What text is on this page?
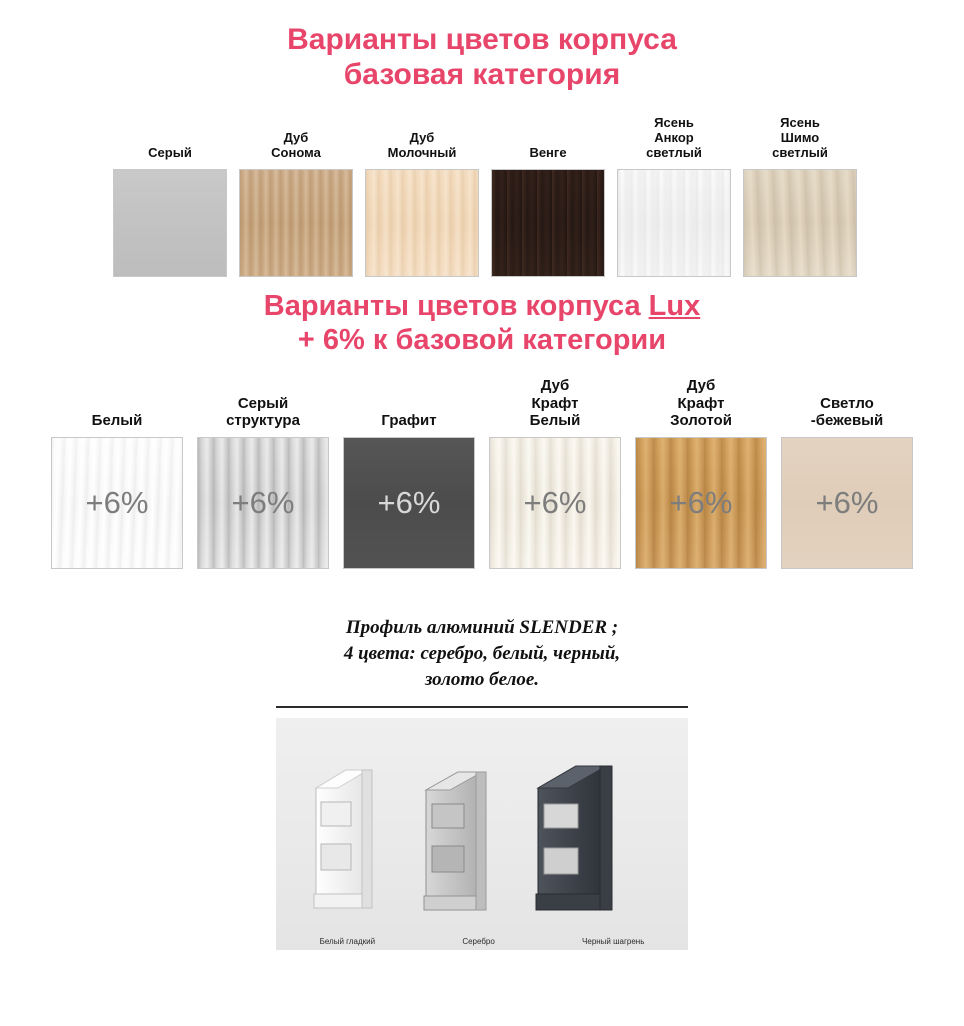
Варианты цветов корпуса
базовая категория
Серый
Дуб
Сонома
Дуб
Молочный	Венге
Ясень
Анкор
светлый
Ясень
Шимо
светлый
Варианты цветов корпуса Lux
+ 6% к базовой категории
Белый
+6%
Серый
структура
+6%
Графит
+6%
Дуб
Крафт
Белый
+6%
Дуб
Крафт
Золотой
+6%
Светло
-бежевый
+6%
Профиль алюминий SLENDER ;
4 цвета: серебро, белый, черный,
золото белое.
Белый гладкий	Серебро	Черный шагрень
